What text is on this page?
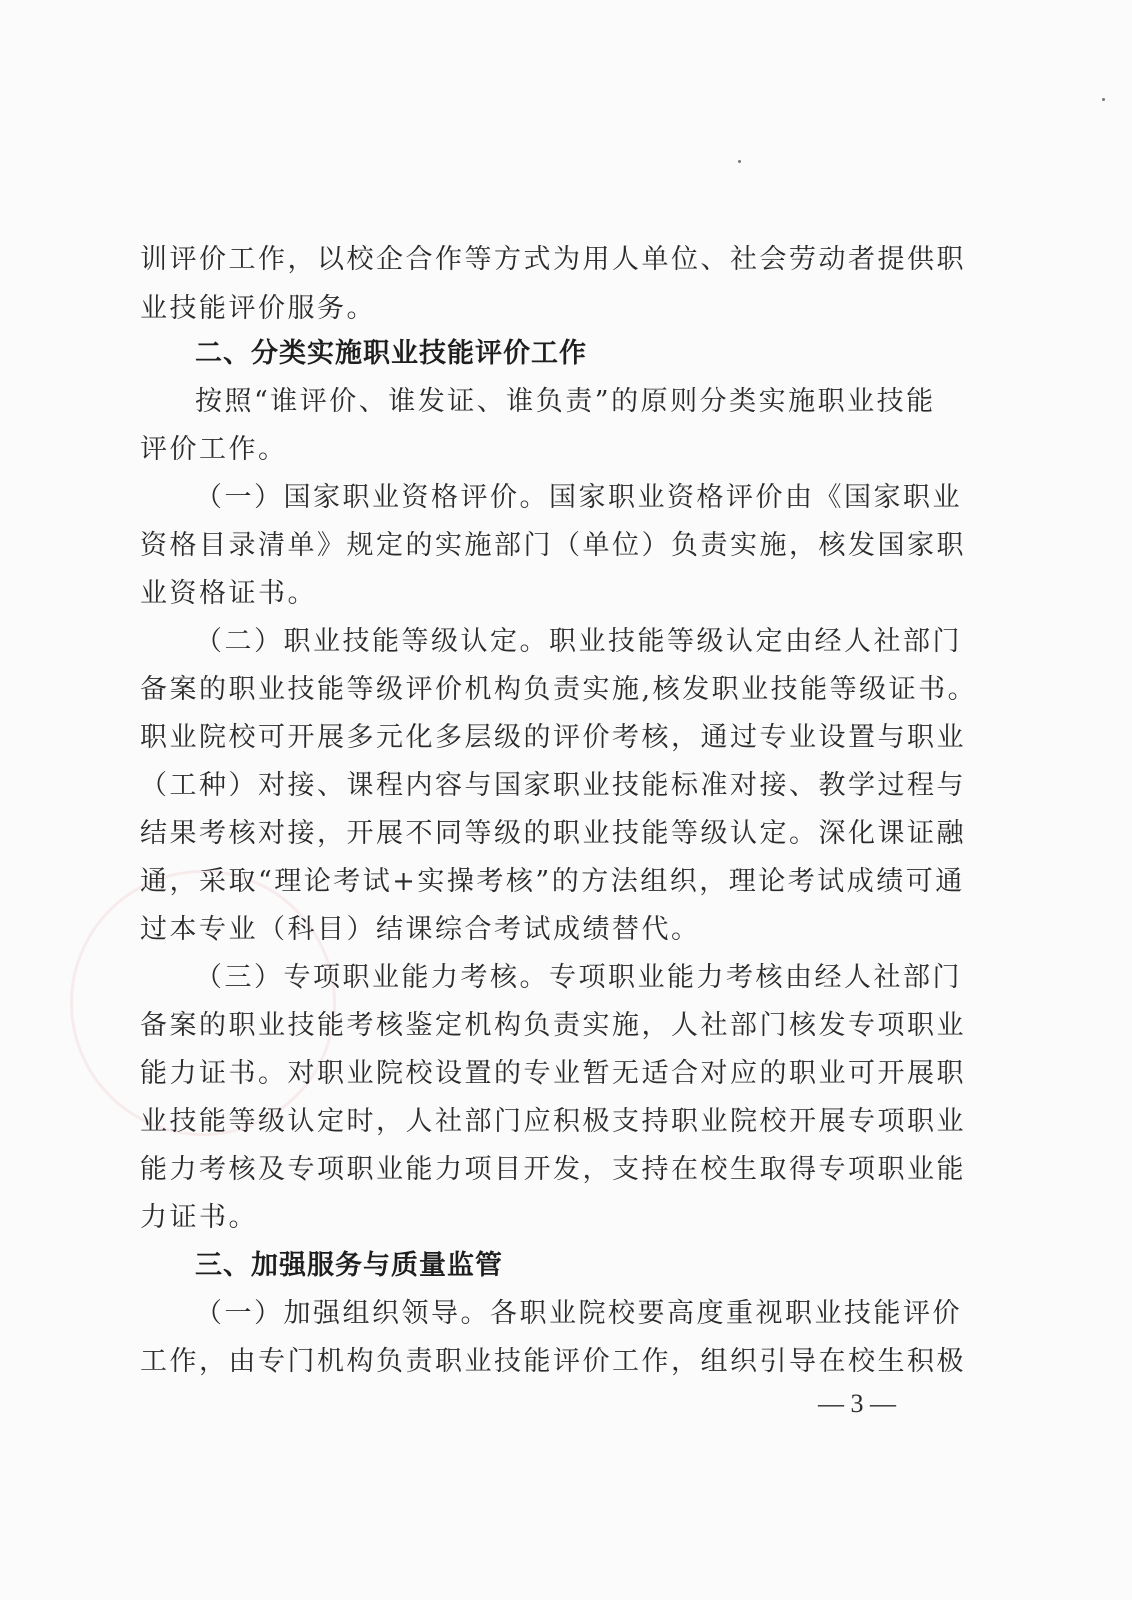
训评价工作，以校企合作等方式为用人单位、社会劳动者提供职
业技能评价服务。
二、分类实施职业技能评价工作
按照“谁评价、谁发证、谁负责”的原则分类实施职业技能
评价工作。
（一）国家职业资格评价。国家职业资格评价由《国家职业
资格目录清单》规定的实施部门（单位）负责实施，核发国家职
业资格证书。
（二）职业技能等级认定。职业技能等级认定由经人社部门
备案的职业技能等级评价机构负责实施,核发职业技能等级证书。
职业院校可开展多元化多层级的评价考核，通过专业设置与职业
（工种）对接、课程内容与国家职业技能标准对接、教学过程与
结果考核对接，开展不同等级的职业技能等级认定。深化课证融
通，采取“理论考试+实操考核”的方法组织，理论考试成绩可通
过本专业（科目）结课综合考试成绩替代。
（三）专项职业能力考核。专项职业能力考核由经人社部门
备案的职业技能考核鉴定机构负责实施，人社部门核发专项职业
能力证书。对职业院校设置的专业暂无适合对应的职业可开展职
业技能等级认定时，人社部门应积极支持职业院校开展专项职业
能力考核及专项职业能力项目开发，支持在校生取得专项职业能
力证书。
三、加强服务与质量监管
（一）加强组织领导。各职业院校要高度重视职业技能评价
工作，由专门机构负责职业技能评价工作，组织引导在校生积极
— 3 —
